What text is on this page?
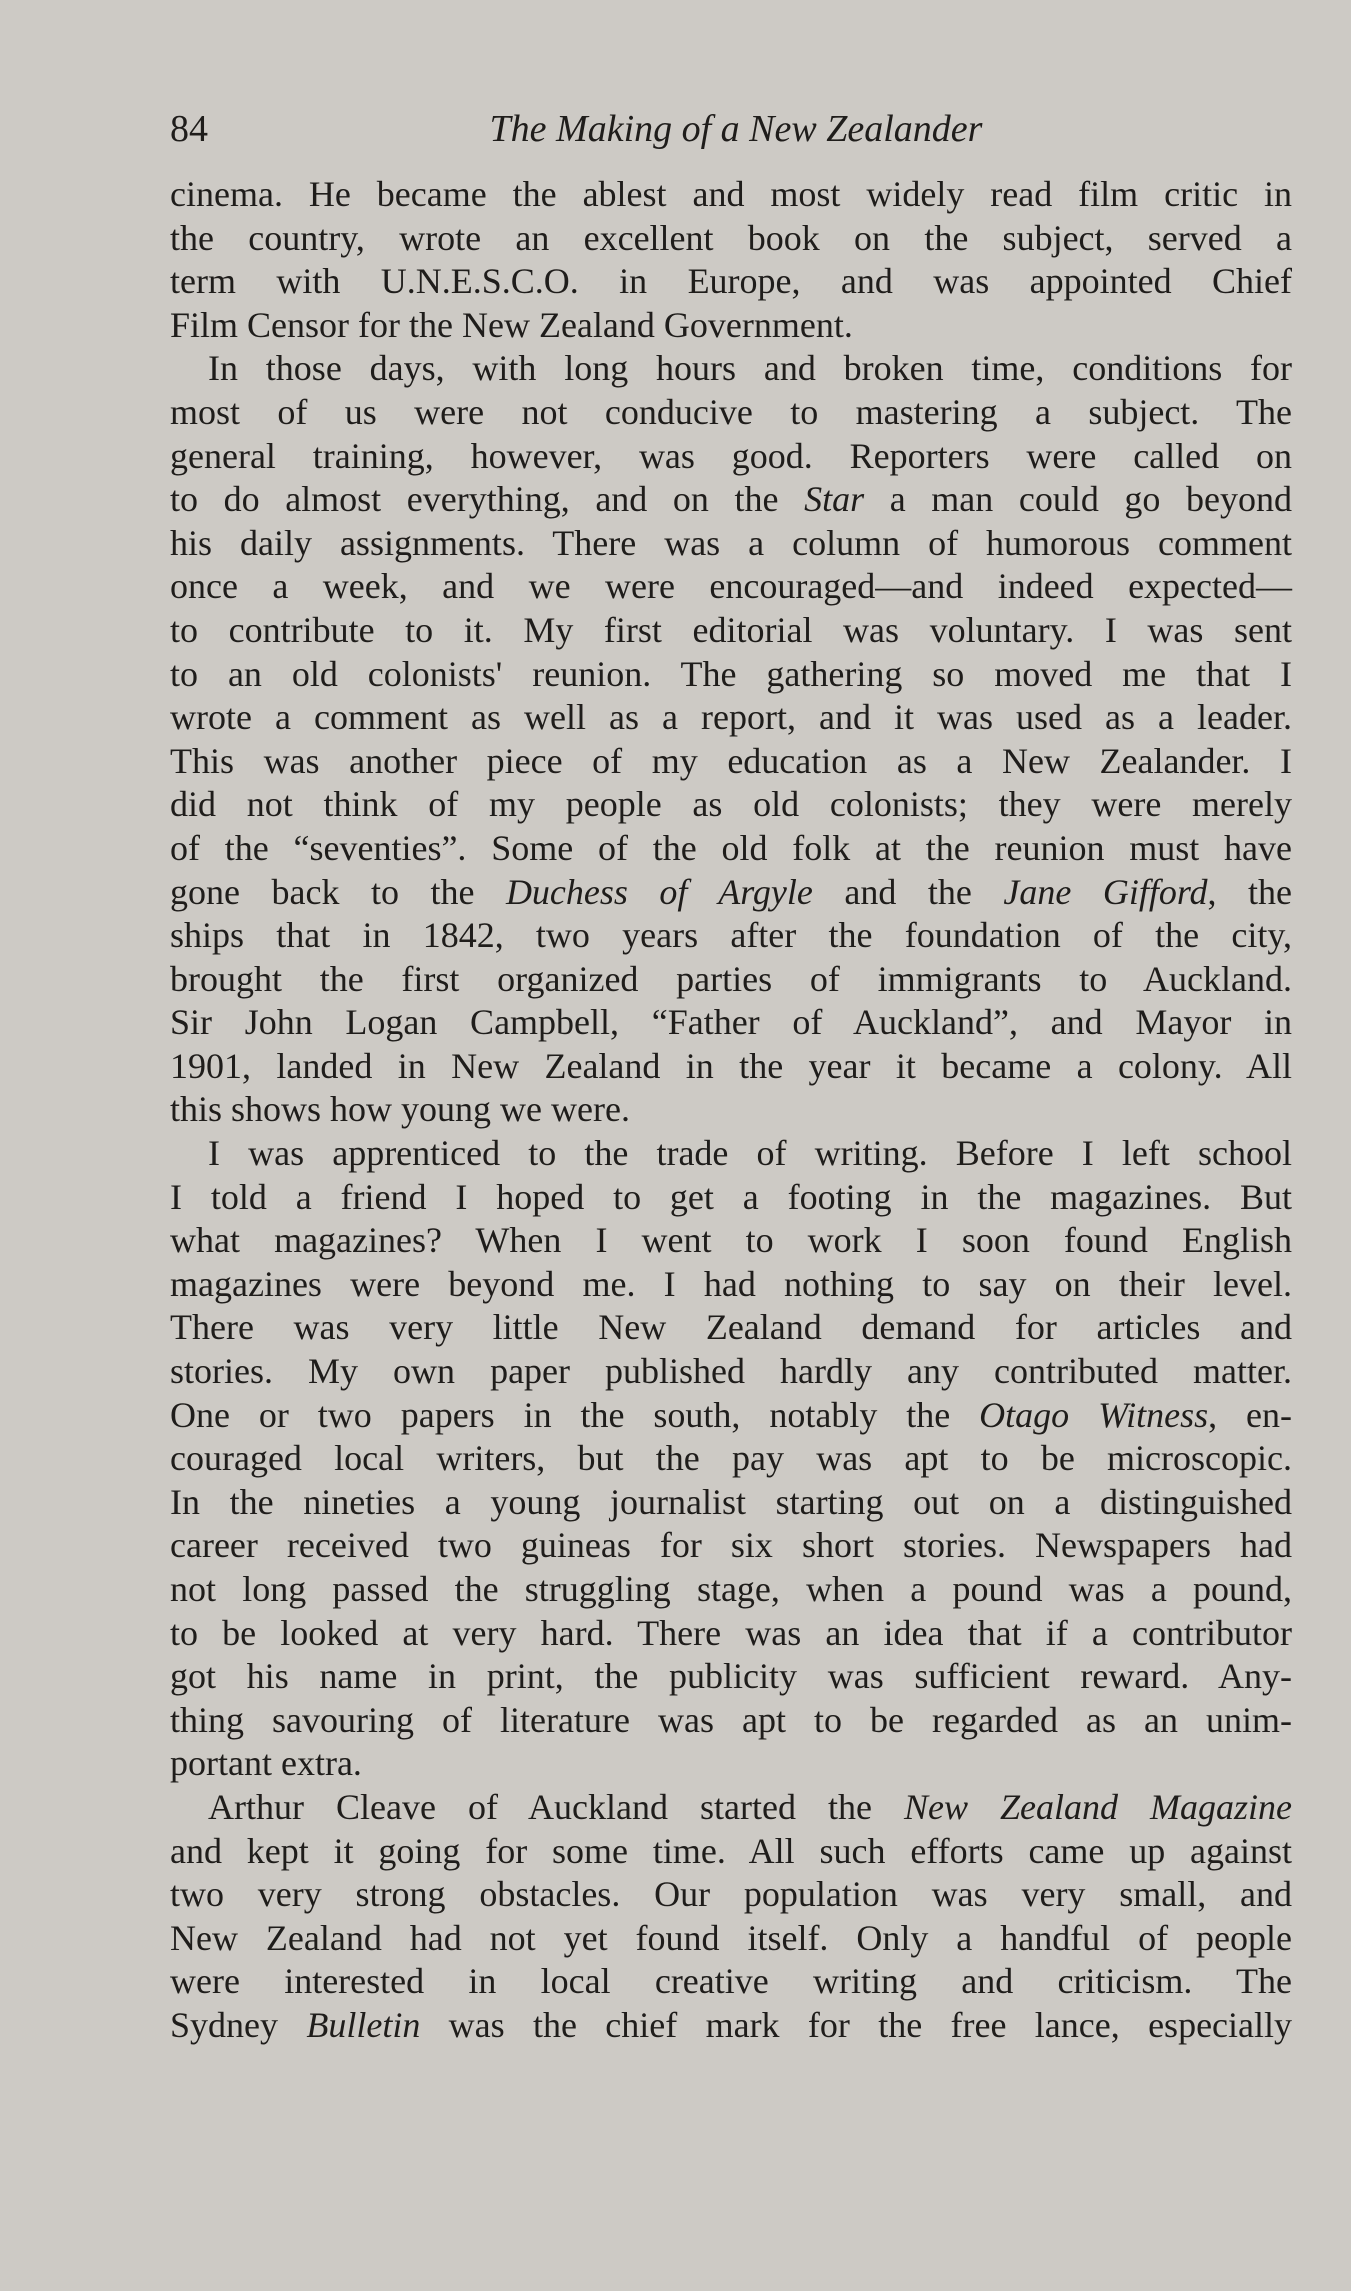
84	The Making of a New Zealander

cinema. He became the ablest and most widely read film critic in
the country, wrote an excellent book on the subject, served a
term with U.N.E.S.C.O. in Europe, and was appointed Chief
Film Censor for the New Zealand Government.

In those days, with long hours and broken time, conditions for
most of us were not conducive to mastering a subject. The
general training, however, was good. Reporters were called on
to do almost everything, and on the Star a man could go beyond
his daily assignments. There was a column of humorous comment
once a week, and we were encouraged—and indeed expected—
to contribute to it. My first editorial was voluntary. I was sent
to an old colonists' reunion. The gathering so moved me that I
wrote a comment as well as a report, and it was used as a leader.
This was another piece of my education as a New Zealander. I
did not think of my people as old colonists; they were merely
of the “seventies”. Some of the old folk at the reunion must have
gone back to the Duchess of Argyle and the Jane Gifford, the
ships that in 1842, two years after the foundation of the city,
brought the first organized parties of immigrants to Auckland.
Sir John Logan Campbell, “Father of Auckland”, and Mayor in
1901, landed in New Zealand in the year it became a colony. All
this shows how young we were.

I was apprenticed to the trade of writing. Before I left school
I told a friend I hoped to get a footing in the magazines. But
what magazines? When I went to work I soon found English
magazines were beyond me. I had nothing to say on their level.
There was very little New Zealand demand for articles and
stories. My own paper published hardly any contributed matter.
One or two papers in the south, notably the Otago Witness, en-
couraged local writers, but the pay was apt to be microscopic.
In the nineties a young journalist starting out on a distinguished
career received two guineas for six short stories. Newspapers had
not long passed the struggling stage, when a pound was a pound,
to be looked at very hard. There was an idea that if a contributor
got his name in print, the publicity was sufficient reward. Any-
thing savouring of literature was apt to be regarded as an unim-
portant extra.

Arthur Cleave of Auckland started the New Zealand Magazine
and kept it going for some time. All such efforts came up against
two very strong obstacles. Our population was very small, and
New Zealand had not yet found itself. Only a handful of people
were interested in local creative writing and criticism. The
Sydney Bulletin was the chief mark for the free lance, especially
